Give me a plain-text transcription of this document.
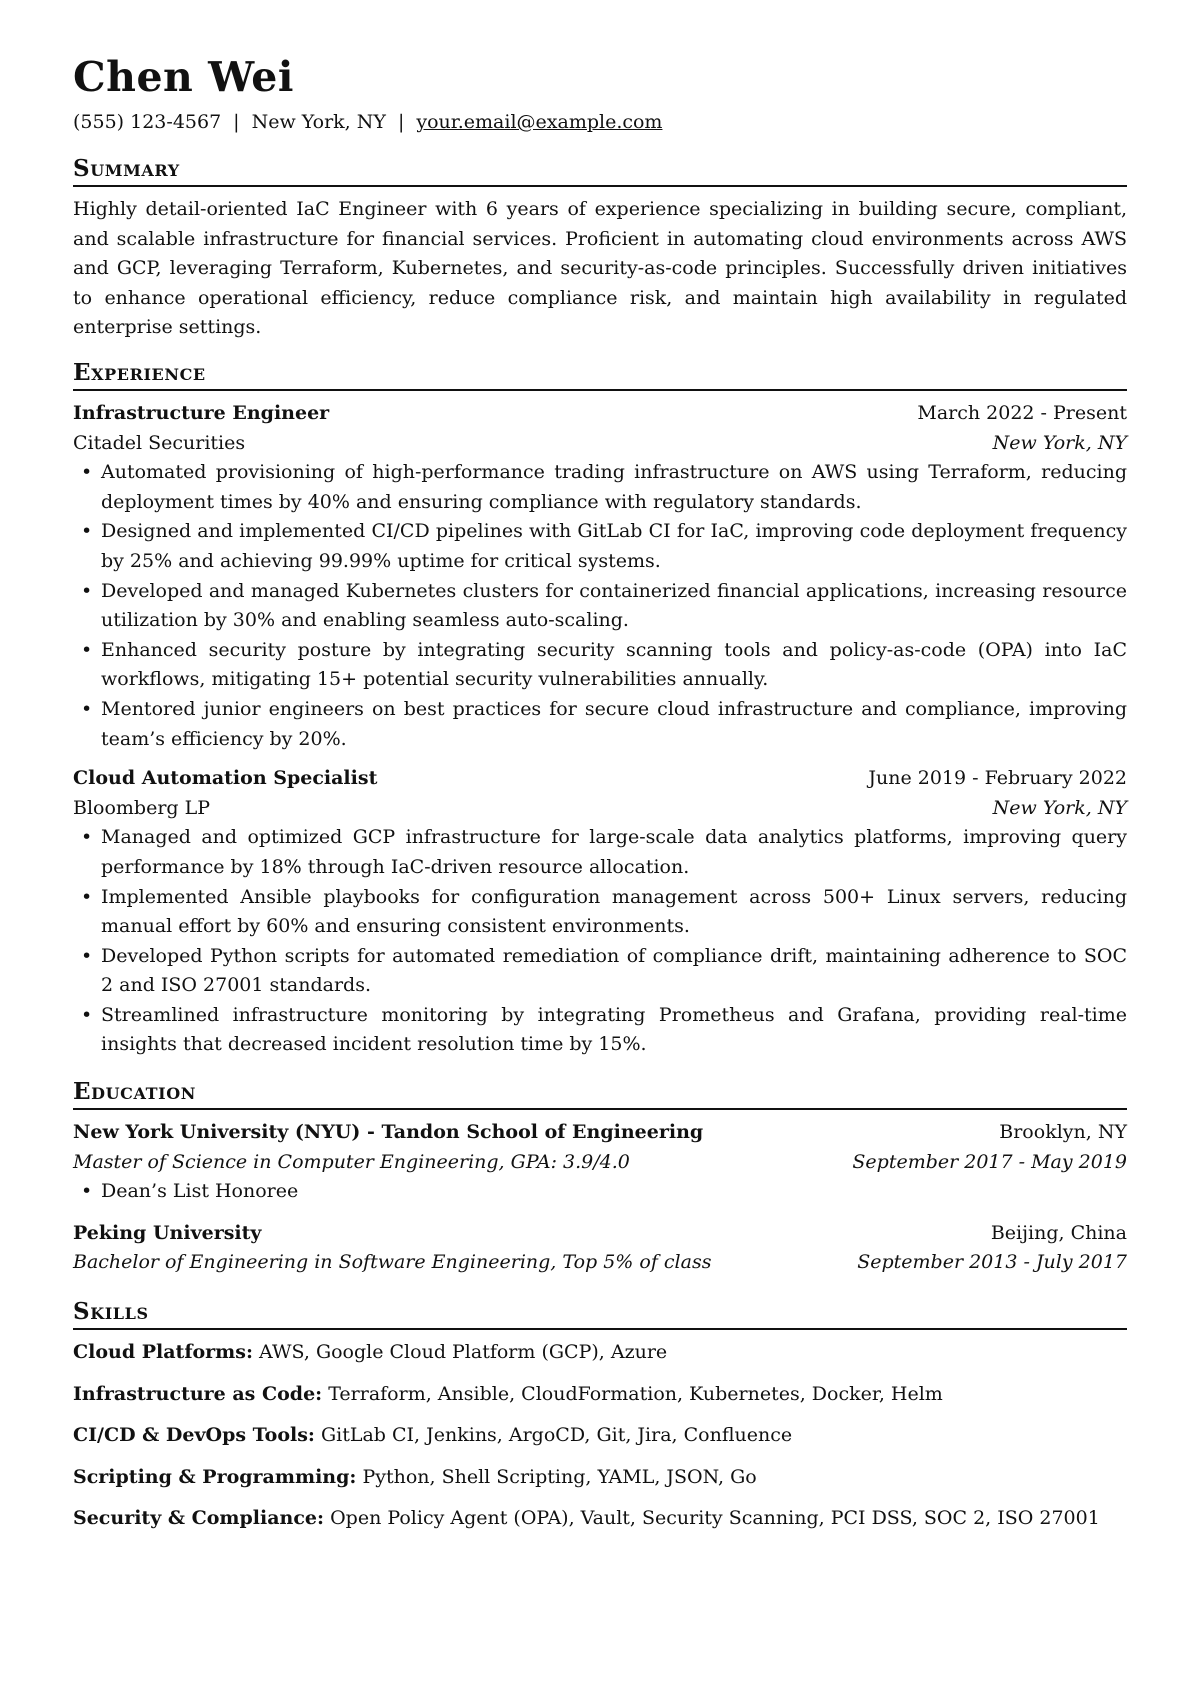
Chen Wei
(555) 123-4567 | New York, NY | your.email@example.com
Summary

Highly detail-oriented IaC Engineer with 6 years of experience specializing in building secure, compliant, and scalable infrastructure for financial services. Proficient in automating cloud environments across AWS and GCP, leveraging Terraform, Kubernetes, and security-as-code principles. Successfully driven initiatives to enhance operational efficiency, reduce compliance risk, and maintain high availability in regulated enterprise settings.

Experience
Infrastructure Engineer	March 2022 - Present
Citadel Securities	New York, NY
• Automated provisioning of high-performance trading infrastructure on AWS using Terraform, reducing deployment times by 40% and ensuring compliance with regulatory standards.
• Designed and implemented CI/CD pipelines with GitLab CI for IaC, improving code deployment frequency by 25% and achieving 99.99% uptime for critical systems.
• Developed and managed Kubernetes clusters for containerized financial applications, increasing resource utilization by 30% and enabling seamless auto-scaling.
• Enhanced security posture by integrating security scanning tools and policy-as-code (OPA) into IaC workflows, mitigating 15+ potential security vulnerabilities annually.
• Mentored junior engineers on best practices for secure cloud infrastructure and compliance, improving team’s efficiency by 20%.
Cloud Automation Specialist	June 2019 - February 2022
Bloomberg LP	New York, NY
• Managed and optimized GCP infrastructure for large-scale data analytics platforms, improving query performance by 18% through IaC-driven resource allocation.
• Implemented Ansible playbooks for configuration management across 500+ Linux servers, reducing manual effort by 60% and ensuring consistent environments.
• Developed Python scripts for automated remediation of compliance drift, maintaining adherence to SOC 2 and ISO 27001 standards.
• Streamlined infrastructure monitoring by integrating Prometheus and Grafana, providing real-time insights that decreased incident resolution time by 15%.
Education
New York University (NYU) - Tandon School of Engineering	Brooklyn, NY
Master of Science in Computer Engineering, GPA: 3.9/4.0	September 2017 - May 2019
• Dean’s List Honoree
Peking University	Beijing, China
Bachelor of Engineering in Software Engineering, Top 5% of class	September 2013 - July 2017
Skills
Cloud Platforms: AWS, Google Cloud Platform (GCP), Azure
Infrastructure as Code: Terraform, Ansible, CloudFormation, Kubernetes, Docker, Helm
CI/CD & DevOps Tools: GitLab CI, Jenkins, ArgoCD, Git, Jira, Confluence
Scripting & Programming: Python, Shell Scripting, YAML, JSON, Go
Security & Compliance: Open Policy Agent (OPA), Vault, Security Scanning, PCI DSS, SOC 2, ISO 27001
